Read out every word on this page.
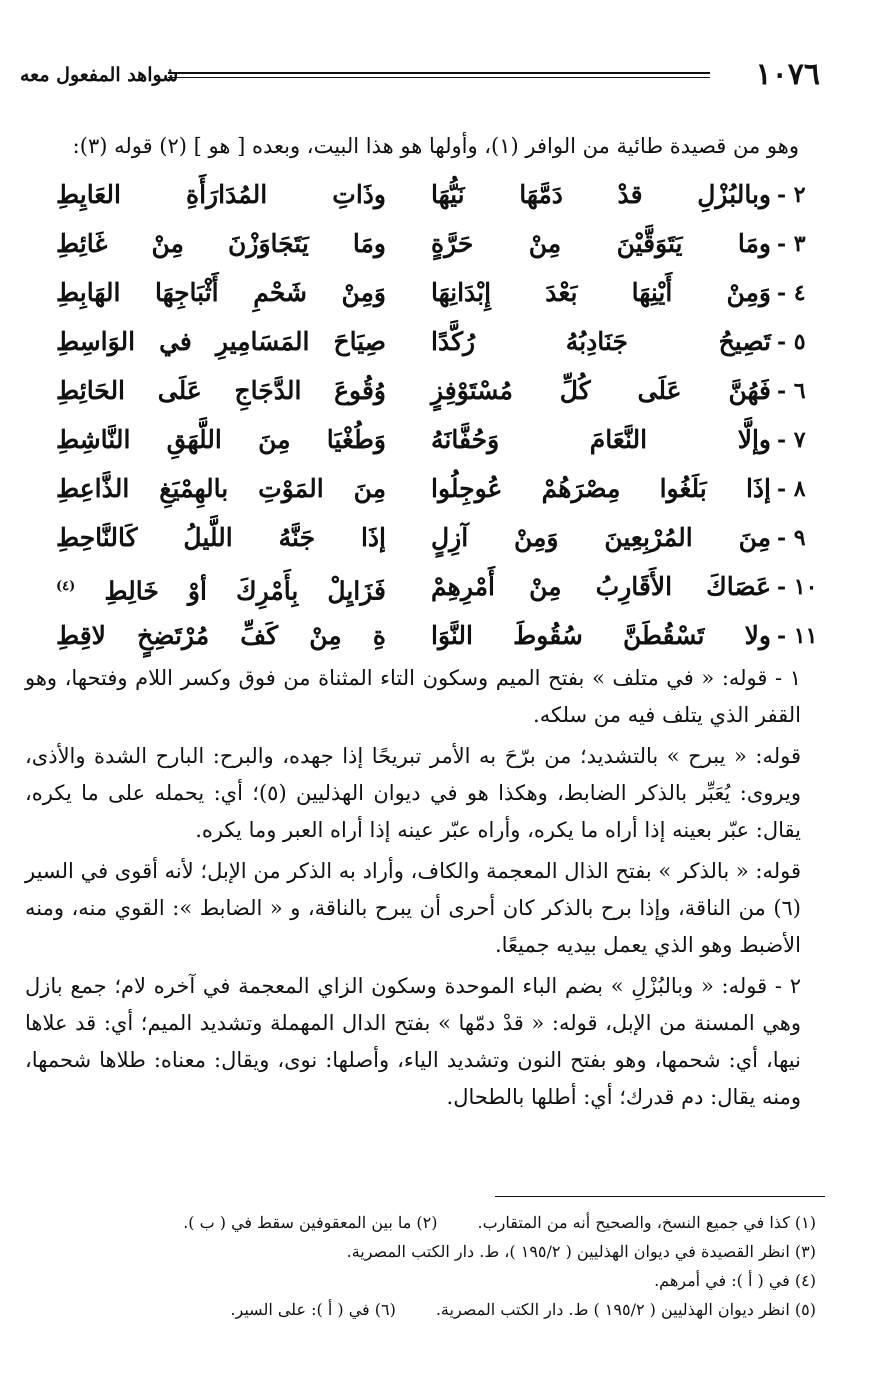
١٠٧٦
شواهد المفعول معه
وهو من قصيدة طائية من الوافر (١)، وأولها هو هذا البيت، وبعده [ هو ] (٢) قوله (٣):
٢ -
وبالبُزْلِ قدْ دَمَّهَا نَيُّهَا
وذَاتِ المُدَارَأَةِ العَايِطِ
٣ -
ومَا يَتَوَقَّيْنَ مِنْ حَرَّةٍ
ومَا يَتَجَاوَزْنَ مِنْ غَائِطِ
٤ -
وَمِنْ أَيْنِهَا بَعْدَ إِبْدَانِهَا
وَمِنْ شَحْمِ أَثْبَاجِهَا الهَابِطِ
٥ -
تَصِيحُ جَنَادِبُهُ رُكَّدًا
صِيَاحَ المَسَامِيرِ في الوَاسِطِ
٦ -
فَهُنَّ عَلَى كُلِّ مُسْتَوْفِزٍ
وُقُوعَ الدَّجَاجِ عَلَى الحَائِطِ
٧ -
وإلَّا النَّعَامَ وَحُفَّانَهُ
وَطُغْيَا مِنَ اللَّهَقِ النَّاشِطِ
٨ -
إذَا بَلَغُوا مِصْرَهُمْ عُوجِلُوا
مِنَ المَوْتِ بالهِمْيَغِ الذَّاعِطِ
٩ -
مِنَ المُرْبِعِينَ وَمِنْ آزِلٍ
إذَا جَنَّهُ اللَّيلُ كَالنَّاحِطِ
١٠ -
عَصَاكَ الأَقَارِبُ مِنْ أَمْرِهِمْ
فَزَايِلْ بِأَمْرِكَ أوْ خَالِطِ $^{(٤)}$
١١ -
ولا تَسْقُطَنَّ سُقُوطَ النَّوَا
ةِ مِنْ كَفِّ مُرْتَضِخٍ لاقِطِ

١ - قوله: « في متلف » بفتح الميم وسكون التاء المثناة من فوق وكسر اللام وفتحها، وهو القفر الذي يتلف فيه من سلكه.

قوله: « يبرح » بالتشديد؛ من برّحَ به الأمر تبريحًا إذا جهده، والبرح: البارح الشدة والأذى، ويروى: يُعَبِّر بالذكر الضابط، وهكذا هو في ديوان الهذليين (٥)؛ أي: يحمله على ما يكره، يقال: عبّر بعينه إذا أراه ما يكره، وأراه عبّر عينه إذا أراه العبر وما يكره.

قوله: « بالذكر » بفتح الذال المعجمة والكاف، وأراد به الذكر من الإبل؛ لأنه أقوى في السير (٦) من الناقة، وإذا برح بالذكر كان أحرى أن يبرح بالناقة، و « الضابط »: القوي منه، ومنه الأضبط وهو الذي يعمل بيديه جميعًا.

٢ - قوله: « وبالبُزْلِ » بضم الباء الموحدة وسكون الزاي المعجمة في آخره لام؛ جمع بازل وهي المسنة من الإبل، قوله: « قدْ دمّها » بفتح الدال المهملة وتشديد الميم؛ أي: قد علاها نيها، أي: شحمها، وهو بفتح النون وتشديد الياء، وأصلها: نوى، ويقال: معناه: طلاها شحمها، ومنه يقال: دم قدرك؛ أي: أطلها بالطحال.

(١) كذا في جميع النسخ، والصحيح أنه من المتقارب.(٢) ما بين المعقوفين سقط في ( ب ).
(٣) انظر القصيدة في ديوان الهذليين ( ١٩٥/٢ )، ط. دار الكتب المصرية.
(٤) في ( أ ): في أمرهم.
(٥) انظر ديوان الهذليين ( ١٩٥/٢ ) ط. دار الكتب المصرية.(٦) في ( أ ): على السير.
